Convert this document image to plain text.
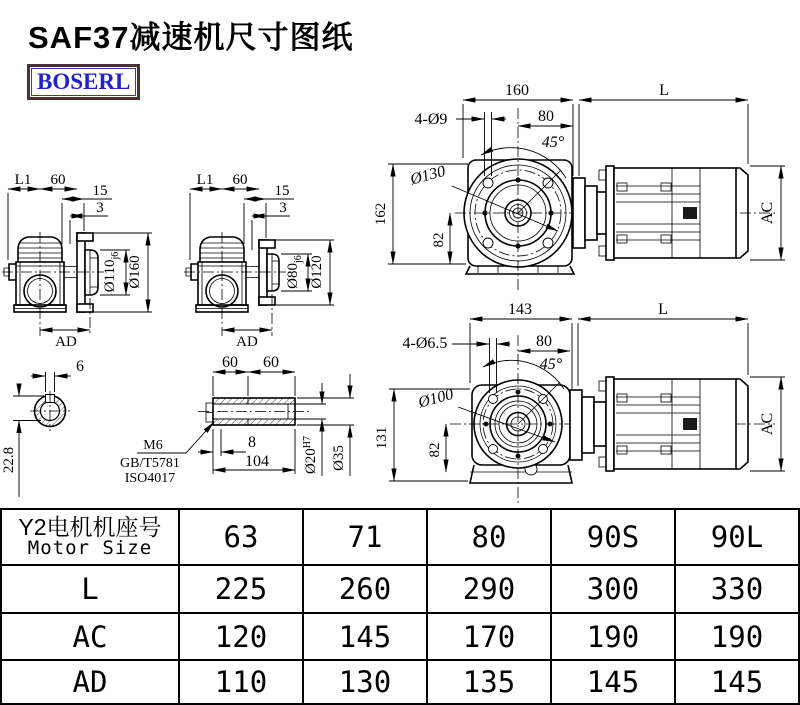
SAF37减速机尺寸图纸
BOSERL
L1 60
15
3
$Ø110_{j6}$ Ø160
AD
L1 60
15
3
$Ø80_{j6}$ Ø120
AD
160	L
4-Ø9	80
45°
Ø130
162
82
AC
143	L
4-Ø6.5	80
45°
Ø100
131
82
AC
6
22.8
60 60
8
104 $Ø20^{H7}$
Ø35
M6
GB/T5781
ISO4017
Y2电机机座号
Motor Size	63	71	80	90S	90L
L	225	260	290	300	330
AC	120	145	170	190	190
AD	110	130	135	145	145
